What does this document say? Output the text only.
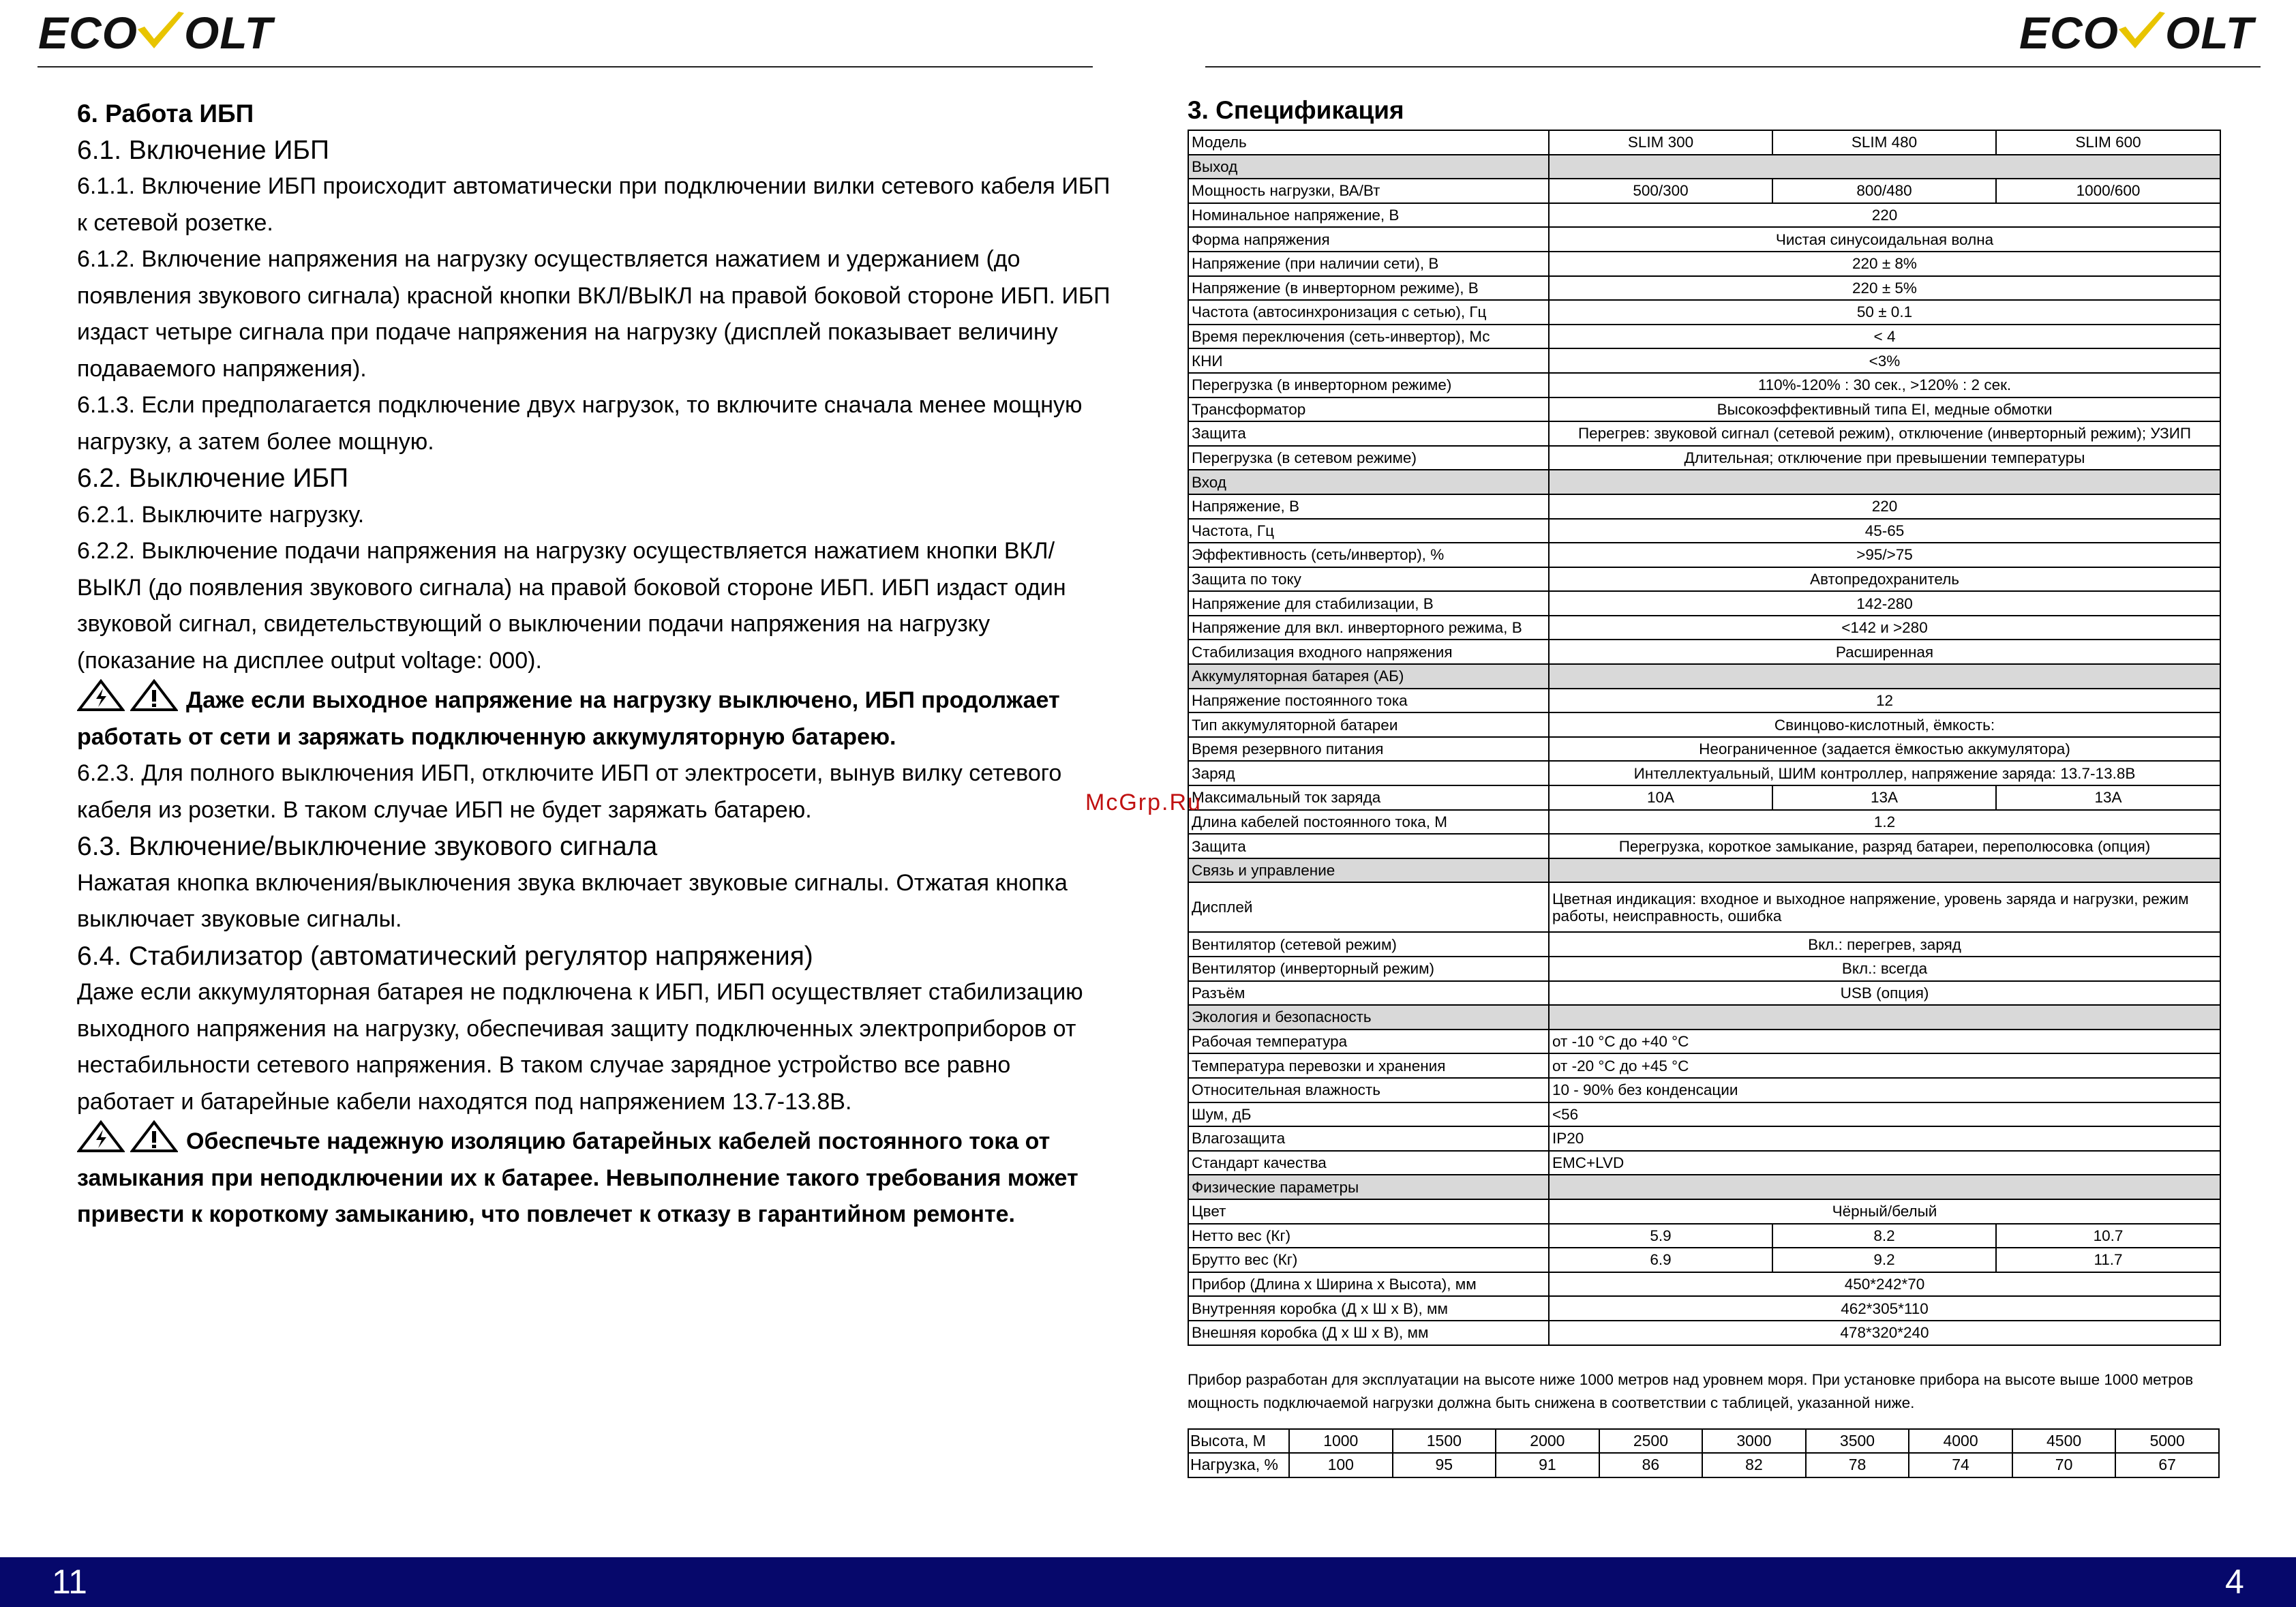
ECO OLT	ECO OLT

6. Работа ИБП

6.1. Включение ИБП

6.1.1. Включение ИБП происходит автоматически при подключении вилки сетевого кабеля ИБП к сетевой розетке.

6.1.2. Включение напряжения на нагрузку осуществляется нажатием и удержанием (до появления звукового сигнала) красной кнопки ВКЛ/ВЫКЛ на правой боковой стороне ИБП. ИБП издаст четыре сигнала при подаче напряжения на нагрузку (дисплей показывает величину подаваемого напряжения).

6.1.3. Если предполагается подключение двух нагрузок, то включите сначала менее мощную нагрузку, а затем более мощную.

6.2. Выключение ИБП

6.2.1. Выключите нагрузку.

6.2.2. Выключение подачи напряжения на нагрузку осуществляется нажатием кнопки ВКЛ/ВЫКЛ (до появления звукового сигнала) на правой боковой стороне ИБП. ИБП издаст один звуковой сигнал, свидетельствующий о выключении подачи напряжения на нагрузку (показание на дисплее output voltage: 000).

Даже если выходное напряжение на нагрузку выключено, ИБП продолжает работать от сети и заряжать подключенную аккумуляторную батарею.

6.2.3. Для полного выключения ИБП, отключите ИБП от электросети, вынув вилку сетевого кабеля из розетки. В таком случае ИБП не будет заряжать батарею.

6.3. Включение/выключение звукового сигнала

Нажатая кнопка включения/выключения звука включает звуковые сигналы. Отжатая кнопка выключает звуковые сигналы.

6.4. Стабилизатор (автоматический регулятор напряжения)

Даже если аккумуляторная батарея не подключена к ИБП, ИБП осуществляет стабилизацию выходного напряжения на нагрузку, обеспечивая защиту подключенных электроприборов от нестабильности сетевого напряжения. В таком случае зарядное устройство все равно работает и батарейные кабели находятся под напряжением 13.7-13.8В.

Обеспечьте надежную изоляцию батарейных кабелей постоянного тока от замыкания при неподключении их к батарее. Невыполнение такого требования может привести к короткому замыканию, что повлечет к отказу в гарантийном ремонте.

3. Спецификация

Модель	SLIM 300	SLIM 480	SLIM 600
Выход			
Мощность нагрузки, ВА/Вт	500/300	800/480	1000/600
Номинальное напряжение, В	220		
Форма напряжения	Чистая синусоидальная волна		
Напряжение (при наличии сети), В	220 ± 8%		
Напряжение (в инверторном режиме), В	220 ± 5%		
Частота (автосинхронизация с сетью), Гц	50 ± 0.1		
Время переключения (сеть-инвертор), Мс	< 4		
КНИ	<3%		
Перегрузка (в инверторном режиме)	110%-120% : 30 сек., >120% : 2 сек.		
Трансформатор	Высокоэффективный типа EI, медные обмотки		
Защита	Перегрев: звуковой сигнал (сетевой режим), отключение (инверторный режим); УЗИП		
Перегрузка (в сетевом режиме)	Длительная; отключение при превышении температуры		
Вход			
Напряжение, В	220		
Частота, Гц	45-65		
Эффективность (сеть/инвертор), %	>95/>75		
Защита по току	Автопредохранитель		
Напряжение для стабилизации, В	142-280		
Напряжение для вкл. инверторного режима, В	<142 и >280		
Стабилизация входного напряжения	Расширенная		
Аккумуляторная батарея (АБ)			
Напряжение постоянного тока	12		
Тип аккумуляторной батареи	Свинцово-кислотный, ёмкость:		
Время резервного питания	Неограниченное (задается ёмкостью аккумулятора)		
Заряд	Интеллектуальный, ШИМ контроллер, напряжение заряда: 13.7-13.8В		
Максимальный ток заряда	10A	13A	13A
Длина кабелей постоянного тока, М	1.2		
Защита	Перегрузка, короткое замыкание, разряд батареи, переполюсовка (опция)		
Связь и управление			
Дисплей	Цветная индикация: входное и выходное напряжение, уровень заряда и нагрузки, режим работы, неисправность, ошибка		
Вентилятор (сетевой режим)	Вкл.: перегрев, заряд		
Вентилятор (инверторный режим)	Вкл.: всегда		
Разъём	USB (опция)		
Экология и безопасность			
Рабочая температура	от -10 °C до +40 °C		
Температура перевозки и хранения	от -20 °C до +45 °C		
Относительная влажность	10 - 90% без конденсации		
Шум, дБ	<56		
Влагозащита	IP20		
Стандарт качества	EMC+LVD		
Физические параметры			
Цвет	Чёрный/белый		
Нетто вес (Кг)	5.9	8.2	10.7
Брутто вес (Кг)	6.9	9.2	11.7
Прибор (Длина x Ширина x Высота), мм	450*242*70		
Внутренняя коробка (Д x Ш x В), мм	462*305*110		
Внешняя коробка (Д x Ш x В), мм	478*320*240		
Прибор разработан для эксплуатации на высоте ниже 1000 метров над уровнем моря. При установке прибора на высоте выше 1000 метров мощность подключаемой нагрузки должна быть снижена в соответствии с таблицей, указанной ниже.
Высота, М	1000	1500	2000	2500	3000	3500	4000	4500	5000
Нагрузка, %	100	95	91	86	82	78	74	70	67
McGrp.Ru
11	4
